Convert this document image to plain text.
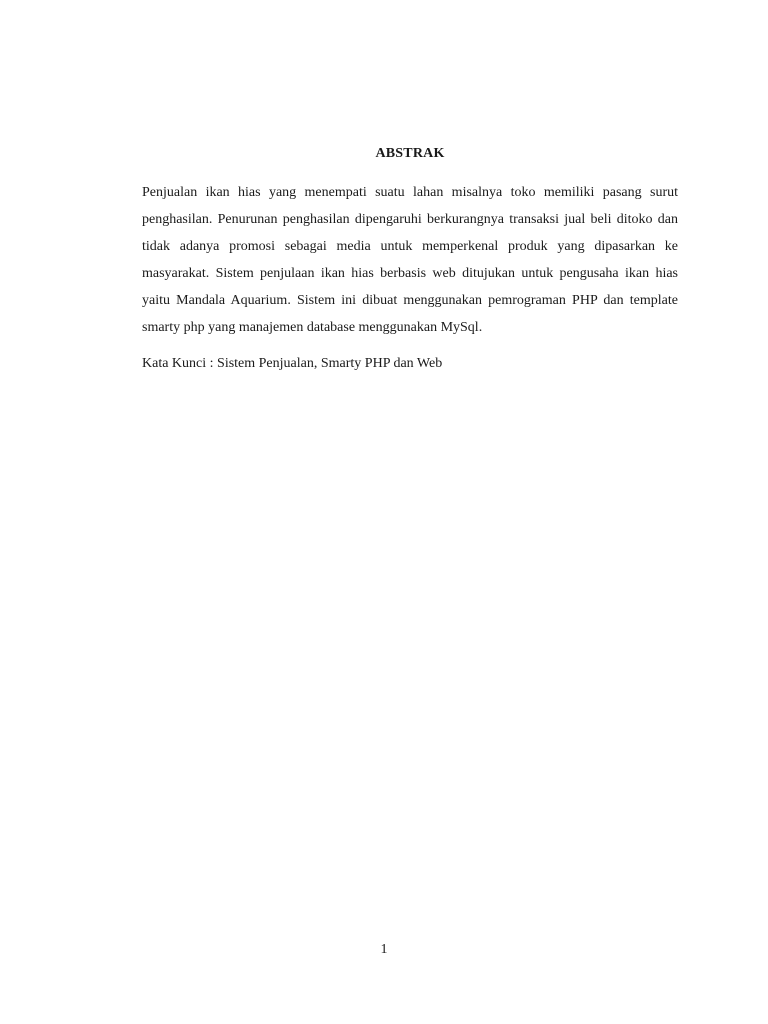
ABSTRAK

Penjualan ikan hias yang menempati suatu lahan misalnya toko memiliki pasang surut penghasilan. Penurunan penghasilan dipengaruhi berkurangnya transaksi jual beli ditoko dan tidak adanya promosi sebagai media untuk memperkenal produk yang dipasarkan ke masyarakat. Sistem penjulaan ikan hias berbasis web ditujukan untuk pengusaha ikan hias yaitu Mandala Aquarium. Sistem ini dibuat menggunakan pemrograman PHP dan template smarty php yang manajemen database menggunakan MySql.

Kata Kunci : Sistem Penjualan, Smarty PHP dan Web

1
